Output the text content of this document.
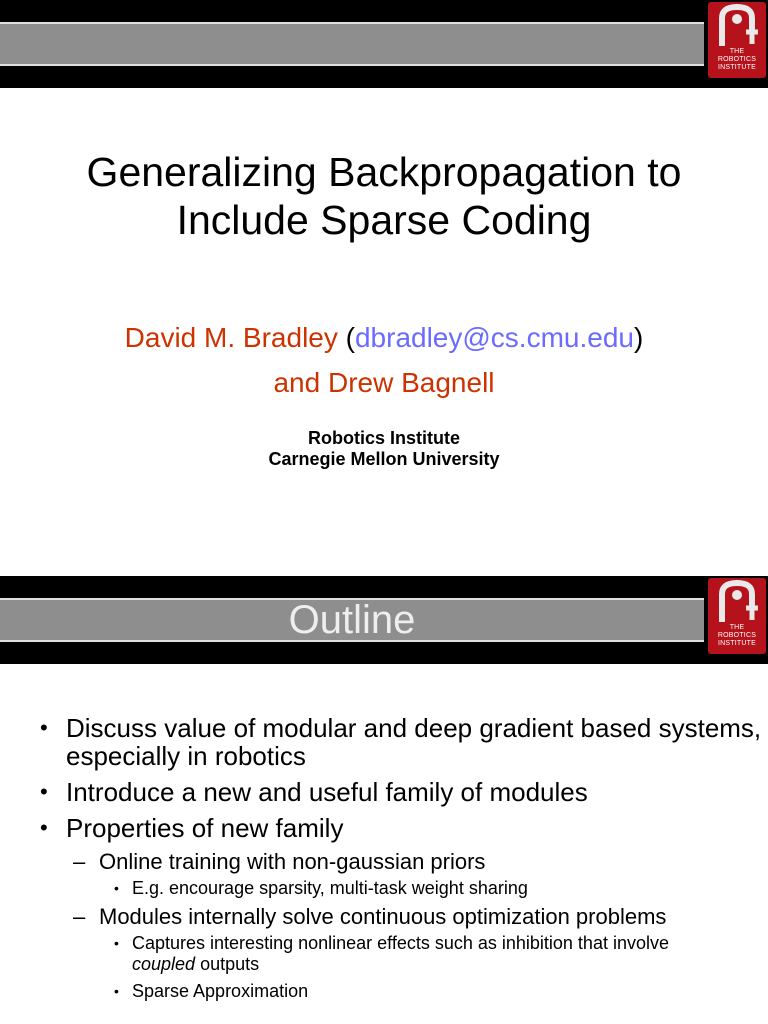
THE
ROBOTICS
INSTITUTE
Generalizing Backpropagation to
Include Sparse Coding
David M. Bradley (dbradley@cs.cmu.edu)
and Drew Bagnell
Robotics Institute
Carnegie Mellon University
Outline	THE
ROBOTICS
INSTITUTE
• Discuss value of modular and deep gradient based systems, especially in robotics
• Introduce a new and useful family of modules
• Properties of new family
– Online training with non-gaussian priors
• E.g. encourage sparsity, multi-task weight sharing
– Modules internally solve continuous optimization problems
• Captures interesting nonlinear effects such as inhibition that involve coupled outputs
• Sparse Approximation
